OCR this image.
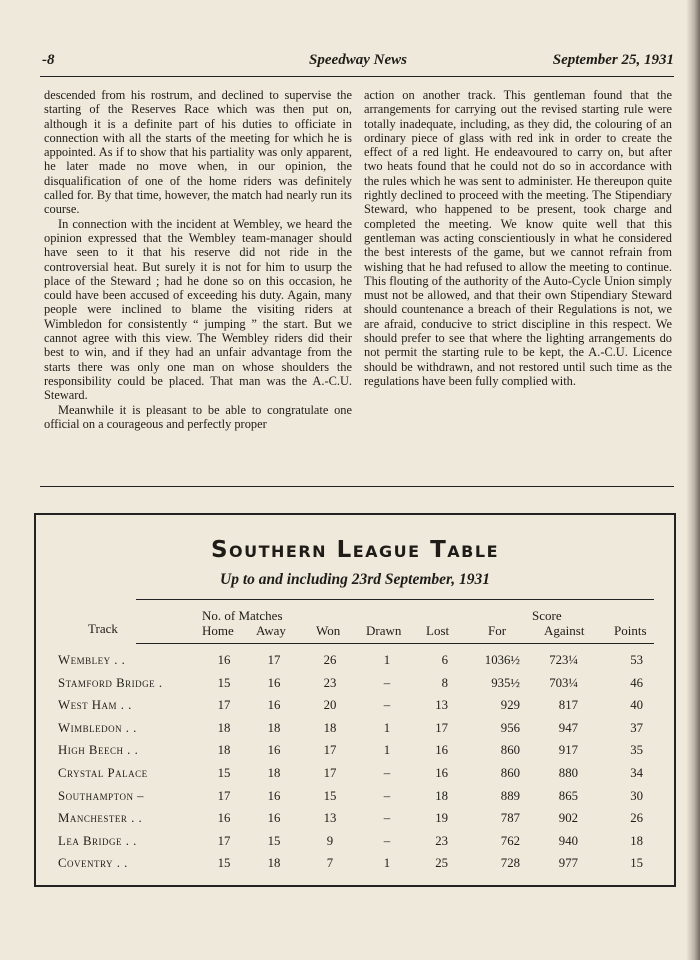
-8	Speedway News	September 25, 1931

descended from his rostrum, and declined to supervise the starting of the Reserves Race which was then put on, although it is a definite part of his duties to officiate in connection with all the starts of the meeting for which he is appointed. As if to show that his partiality was only apparent, he later made no move when, in our opinion, the disqualification of one of the home riders was definitely called for. By that time, however, the match had nearly run its course.

In connection with the incident at Wembley, we heard the opinion expressed that the Wembley team-manager should have seen to it that his reserve did not ride in the controversial heat. But surely it is not for him to usurp the place of the Steward ; had he done so on this occasion, he could have been accused of exceeding his duty. Again, many people were inclined to blame the visiting riders at Wimbledon for consistently “ jumping ” the start. But we cannot agree with this view. The Wembley riders did their best to win, and if they had an unfair advantage from the starts there was only one man on whose shoulders the responsibility could be placed. That man was the A.-C.U. Steward.

Meanwhile it is pleasant to be able to congratulate one official on a courageous and perfectly proper

action on another track. This gentleman found that the arrangements for carrying out the revised starting rule were totally inadequate, including, as they did, the colouring of an ordinary piece of glass with red ink in order to create the effect of a red light. He endeavoured to carry on, but after two heats found that he could not do so in accordance with the rules which he was sent to administer. He thereupon quite rightly declined to proceed with the meeting. The Stipendiary Steward, who happened to be present, took charge and completed the meeting. We know quite well that this gentleman was acting conscientiously in what he considered the best interests of the game, but we cannot refrain from wishing that he had refused to allow the meeting to continue. This flouting of the authority of the Auto-Cycle Union simply must not be allowed, and that their own Stipendiary Steward should countenance a breach of their Regulations is not, we are afraid, conducive to strict discipline in this respect. We should prefer to see that where the lighting arrangements do not permit the starting rule to be kept, the A.-C.U. Licence should be withdrawn, and not restored until such time as the regulations have been fully complied with.

Southern League Table
Up to and including 23rd September, 1931
No. of Matches	Score
Track	Home Away Won Drawn Lost	For	Against Points
Wembley . .	16	17	26	1	6	1036½	723¼	53
Stamford Bridge .	15	16	23	–	8	935½	703¼	46
West Ham . .	17	16	20	–	13	929	817	40
Wimbledon . .	18	18	18	1	17	956	947	37
High Beech . .	18	16	17	1	16	860	917	35
Crystal Palace	15	18	17	–	16	860	880	34
Southampton –	17	16	15	–	18	889	865	30
Manchester . .	16	16	13	–	19	787	902	26
Lea Bridge . .	17	15	9	–	23	762	940	18
Coventry . .	15	18	7	1	25	728	977	15
